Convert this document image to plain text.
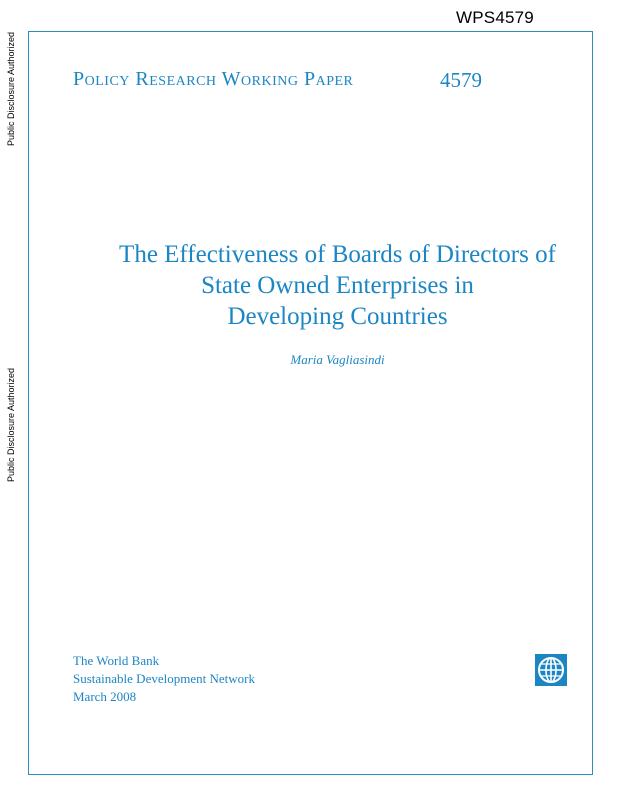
WPS4579
Public Disclosure Authorized
Public Disclosure Authorized
Policy Research Working Paper	4579
The Effectiveness of Boards of Directors of
State Owned Enterprises in
Developing Countries
Maria Vagliasindi
The World Bank
Sustainable Development Network
March 2008
